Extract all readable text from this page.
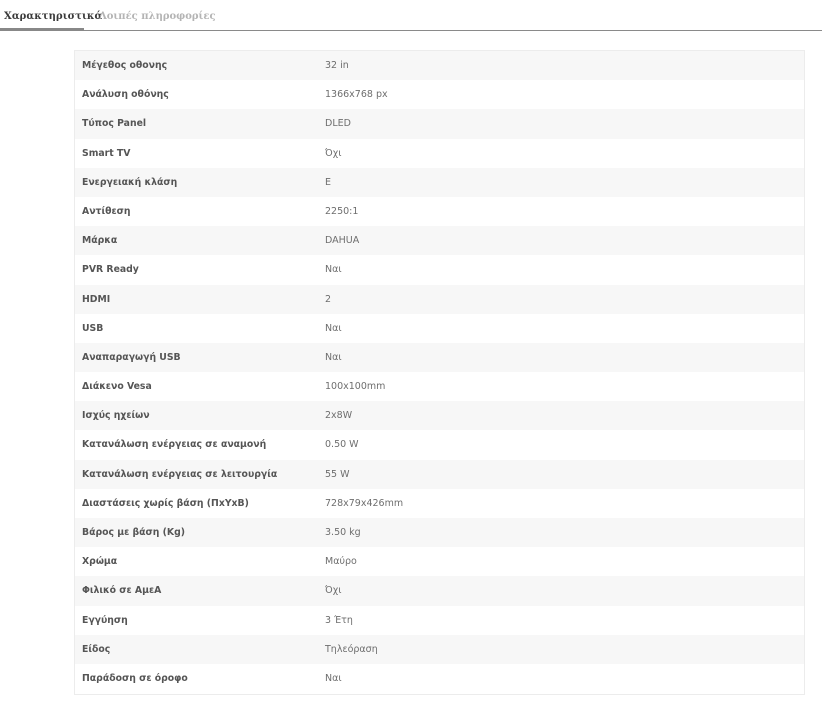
Χαρακτηριστικά
Λοιπές πληροφορίες
Μέγεθος οθονης	32 in
Ανάλυση οθόνης	1366x768 px
Τύπος Panel	DLED
Smart TV	Όχι
Ενεργειακή κλάση	E
Αντίθεση	2250:1
Μάρκα	DAHUA
PVR Ready	Ναι
HDMI	2
USB	Ναι
Αναπαραγωγή USB	Ναι
Διάκενο Vesa	100x100mm
Ισχύς ηχείων	2x8W
Κατανάλωση ενέργειας σε αναμονή	0.50 W
Κατανάλωση ενέργειας σε λειτουργία	55 W
Διαστάσεις χωρίς βάση (ΠxΥxΒ)	728x79x426mm
Βάρος με βάση (Kg)	3.50 kg
Χρώμα	Μαύρο
Φιλικό σε ΑμεΑ	Όχι
Εγγύηση	3 Έτη
Είδος	Τηλεόραση
Παράδοση σε όροφο	Ναι
